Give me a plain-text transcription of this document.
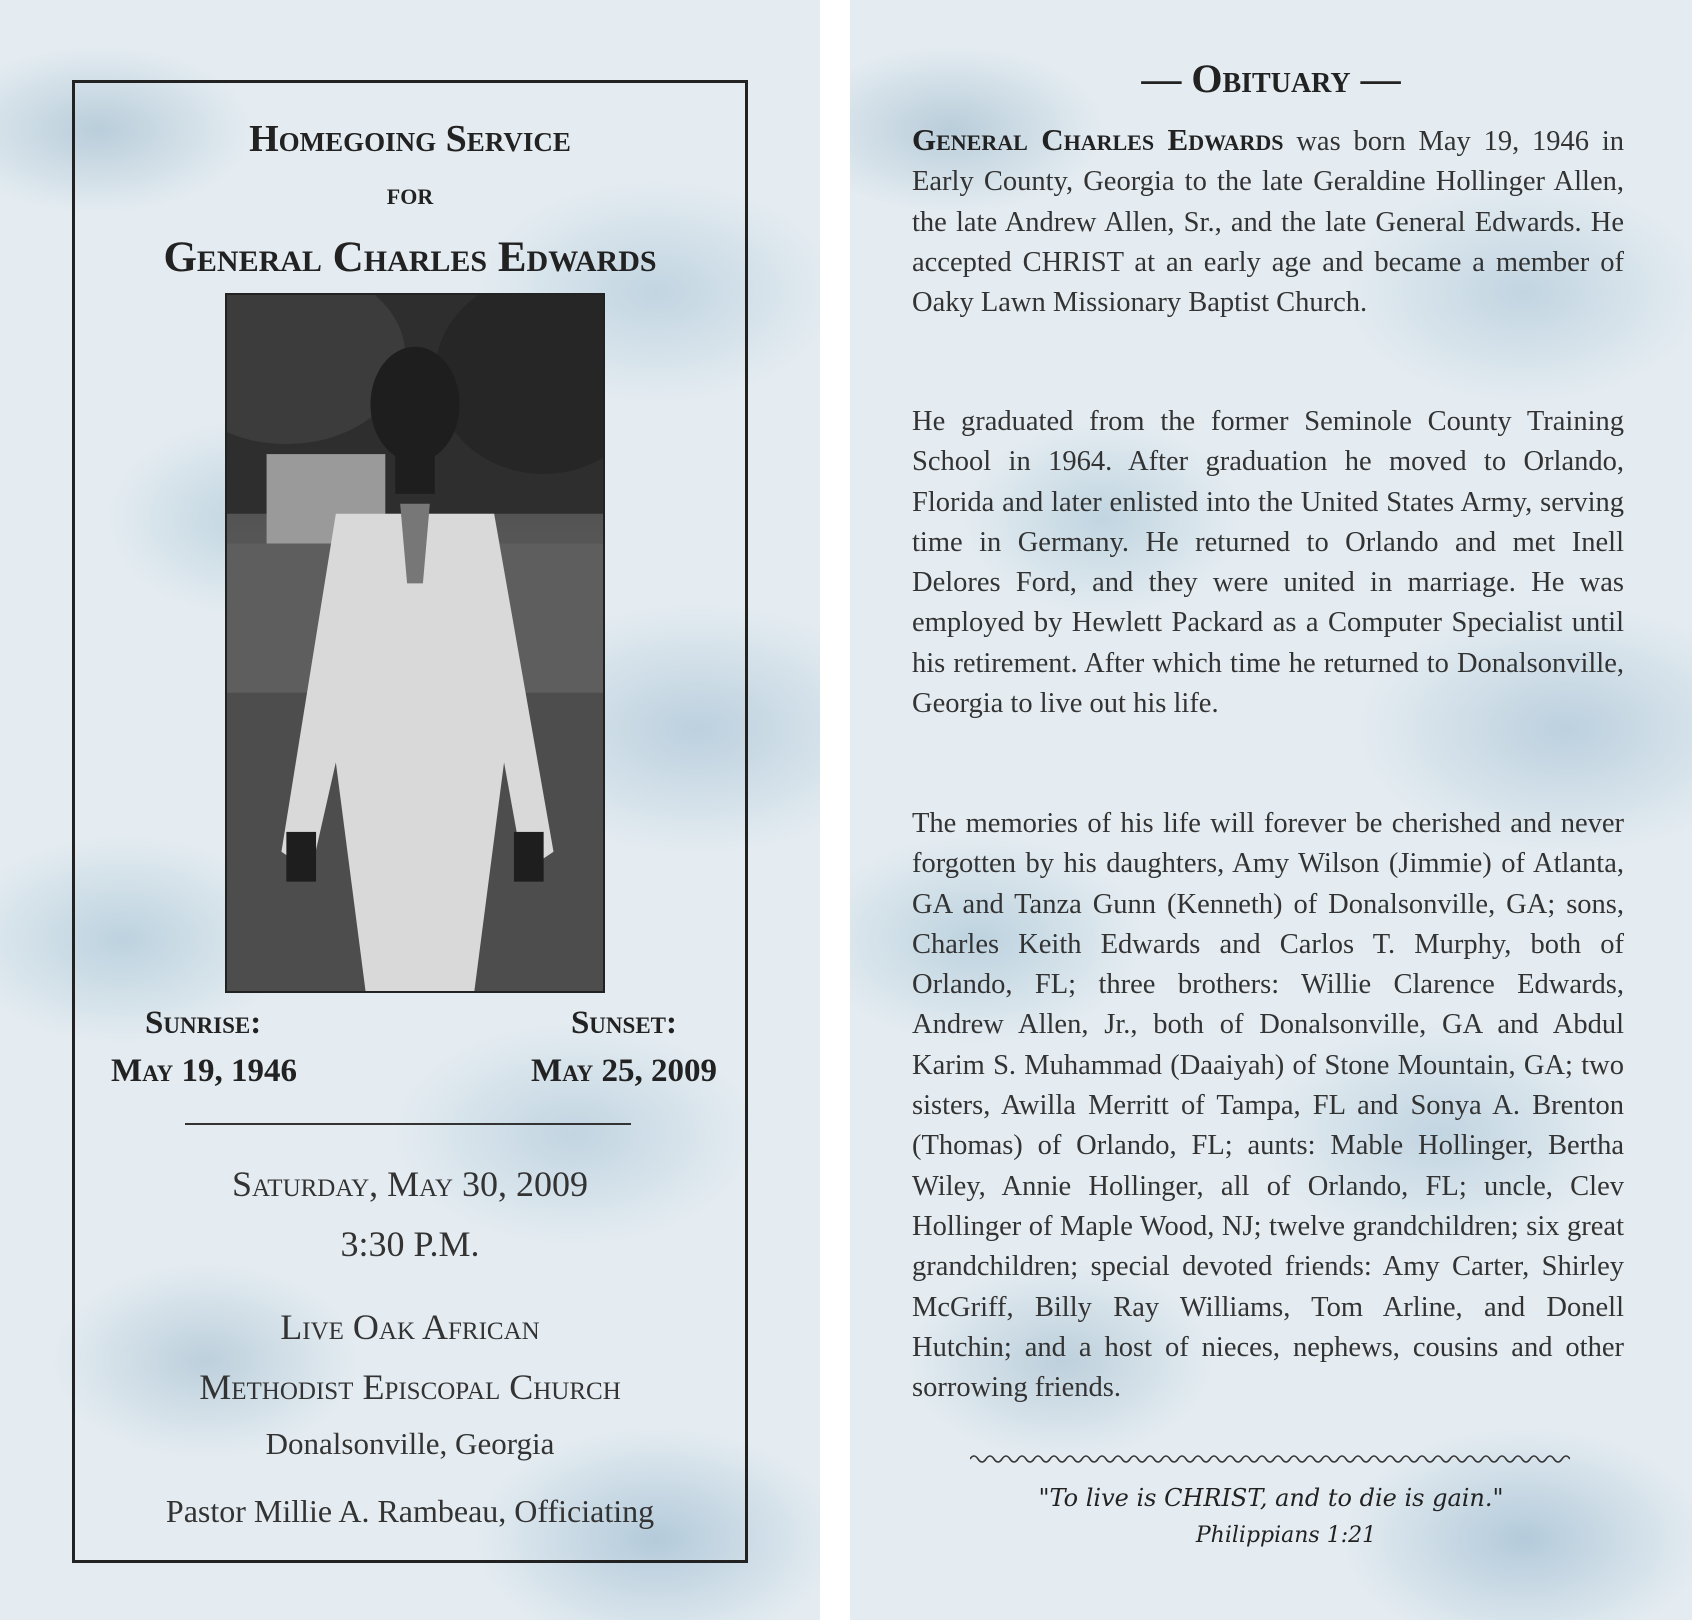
Homegoing Service
for
General Charles Edwards
Sunrise:
May 19, 1946
Sunset:
May 25, 2009
Saturday, May 30, 2009
3:30 P.M.
Live Oak African
Methodist Episcopal Church
Donalsonville, Georgia
Pastor Millie A. Rambeau, Officiating
— Obituary —

General Charles Edwards was born May 19, 1946 in Early County, Georgia to the late Geraldine Hollinger Allen, the late Andrew Allen, Sr., and the late General Edwards. He accepted CHRIST at an early age and became a member of Oaky Lawn Missionary Baptist Church.

He graduated from the former Seminole County Training School in 1964. After graduation he moved to Orlando, Florida and later enlisted into the United States Army, serving time in Germany. He returned to Orlando and met Inell Delores Ford, and they were united in marriage. He was employed by Hewlett Packard as a Computer Specialist until his retirement. After which time he returned to Donalsonville, Georgia to live out his life.

The memories of his life will forever be cherished and never forgotten by his daughters, Amy Wilson (Jimmie) of Atlanta, GA and Tanza Gunn (Kenneth) of Donalsonville, GA; sons, Charles Keith Edwards and Carlos T. Murphy, both of Orlando, FL; three brothers: Willie Clarence Edwards, Andrew Allen, Jr., both of Donalsonville, GA and Abdul Karim S. Muhammad (Daaiyah) of Stone Mountain, GA; two sisters, Awilla Merritt of Tampa, FL and Sonya A. Brenton (Thomas) of Orlando, FL; aunts: Mable Hollinger, Bertha Wiley, Annie Hollinger, all of Orlando, FL; uncle, Clev Hollinger of Maple Wood, NJ; twelve grandchildren; six great grandchildren; special devoted friends: Amy Carter, Shirley McGriff, Billy Ray Williams, Tom Arline, and Donell Hutchin; and a host of nieces, nephews, cousins and other sorrowing friends.

"To live is CHRIST, and to die is gain."
Philippians 1:21
